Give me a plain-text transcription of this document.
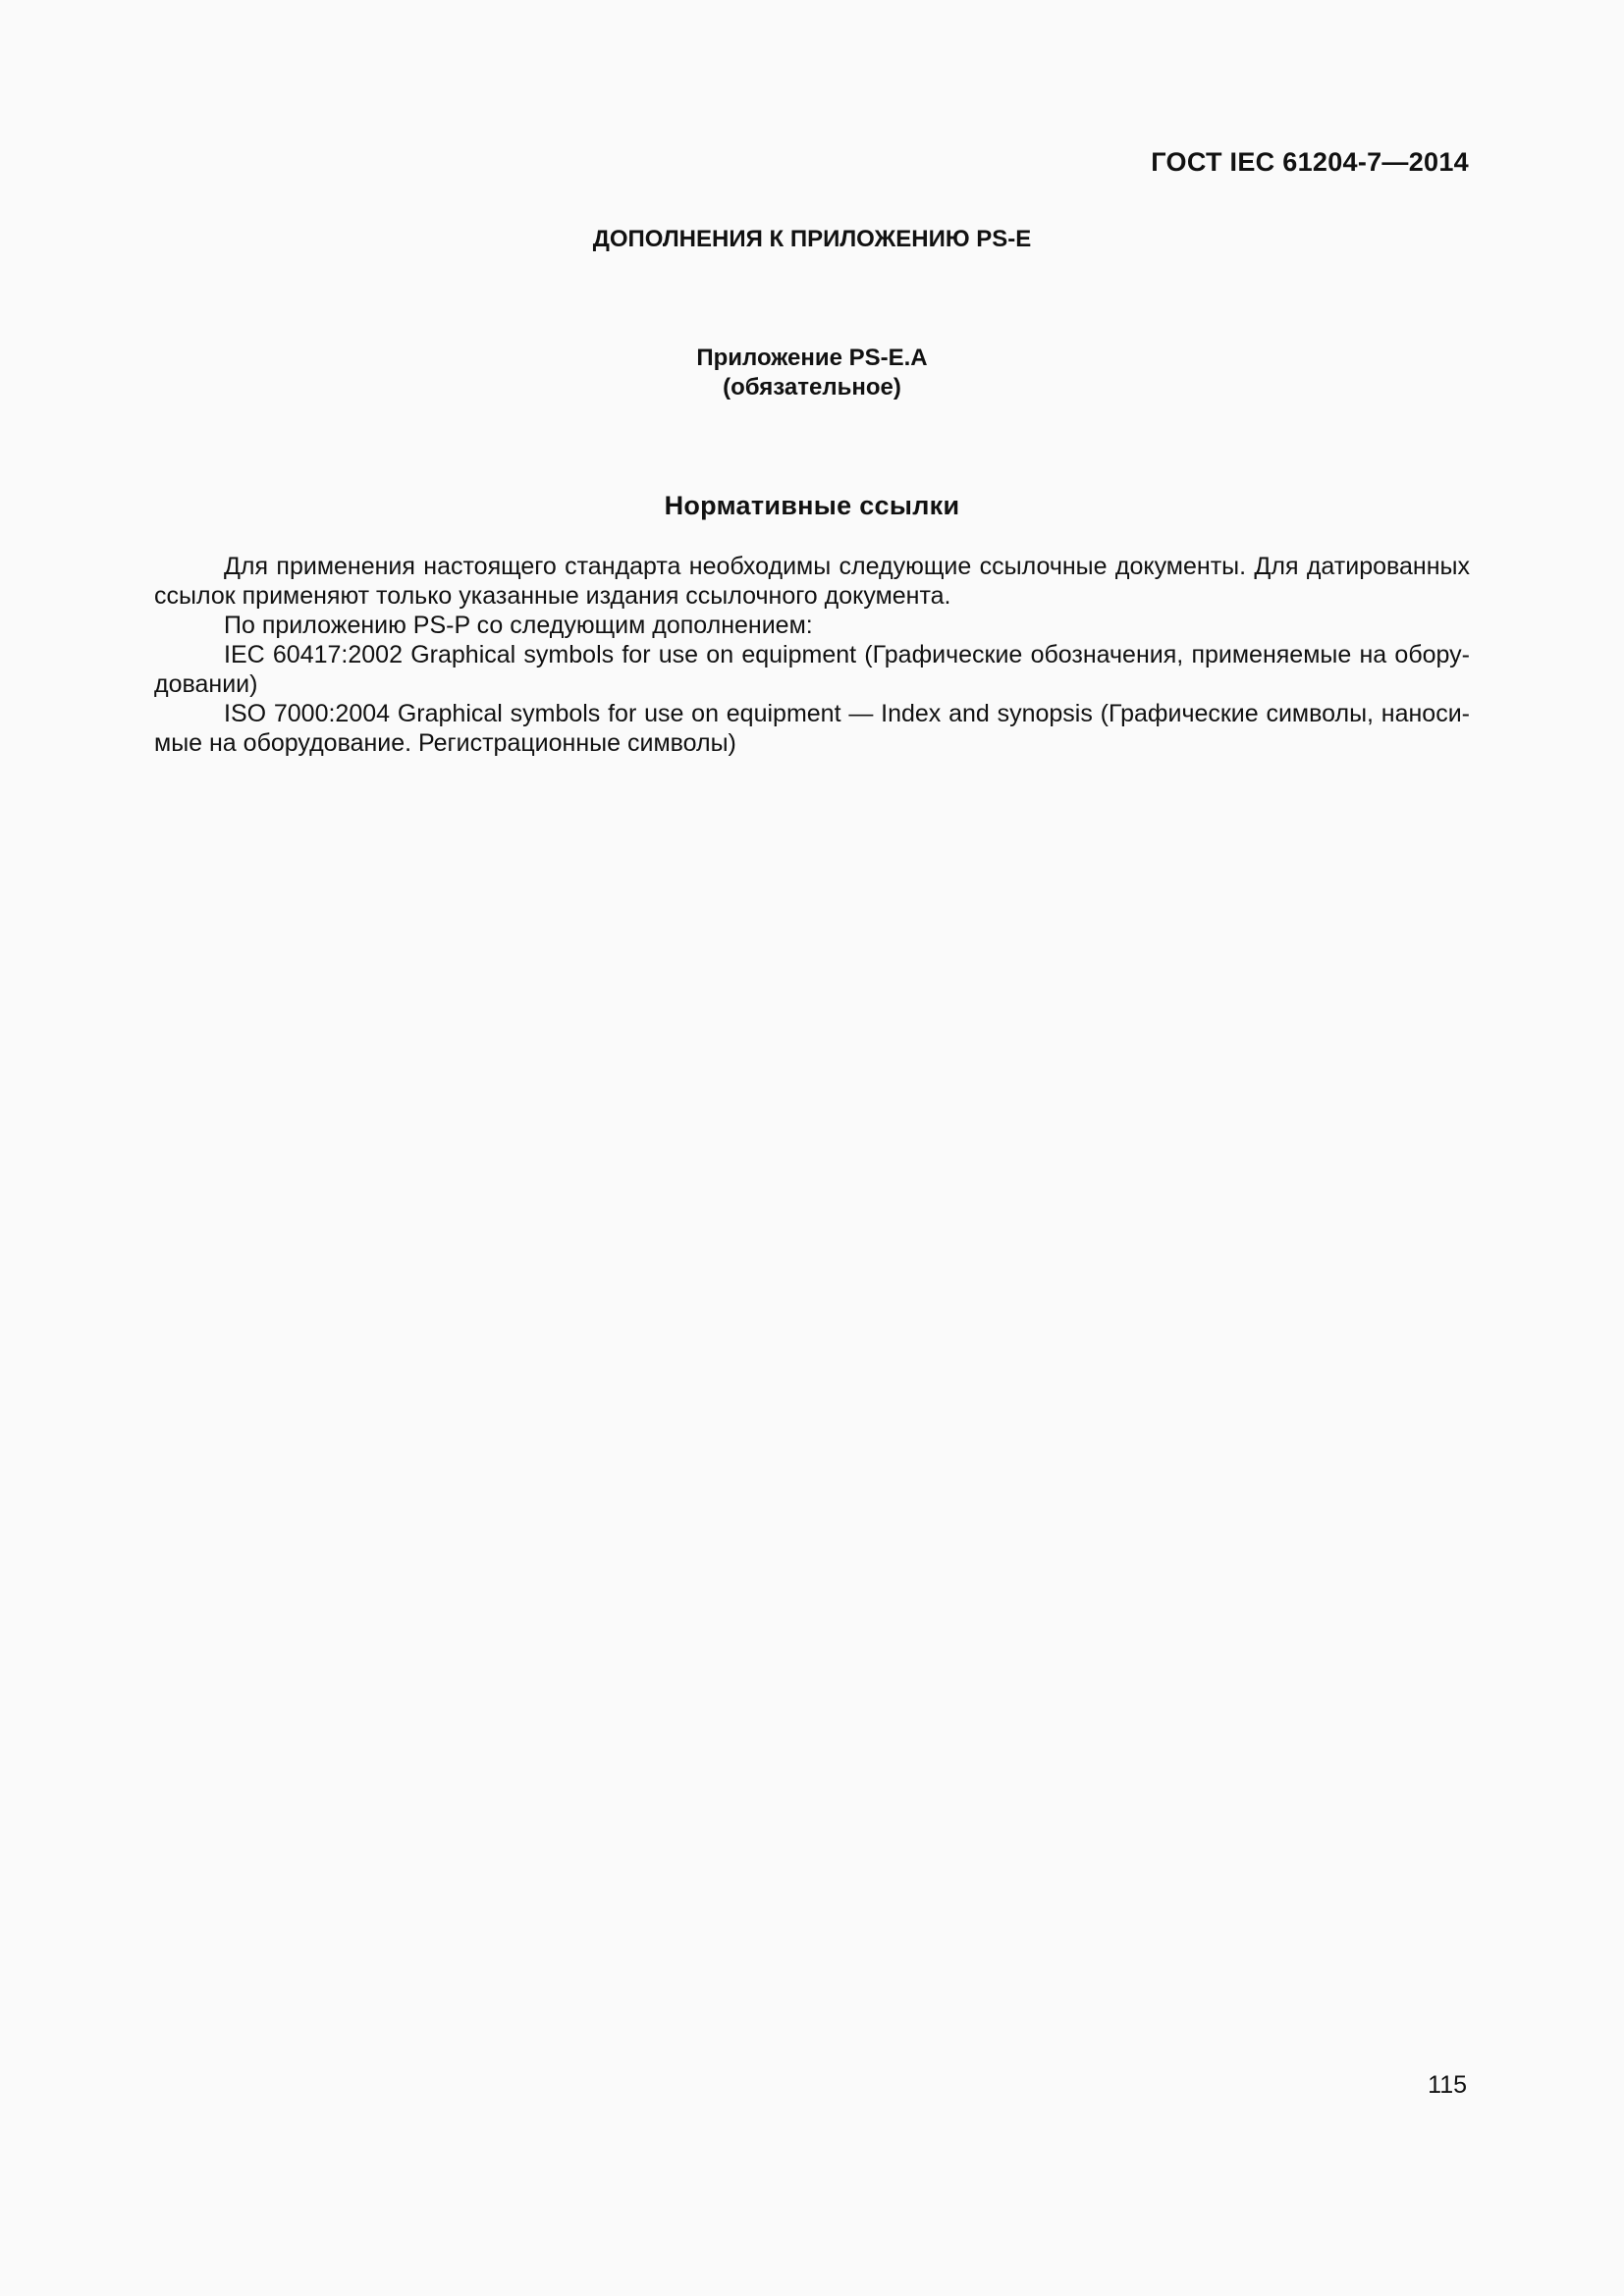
ГОСТ IEC 61204-7—2014
ДОПОЛНЕНИЯ К ПРИЛОЖЕНИЮ PS-E
Приложение PS-E.A
(обязательное)
Нормативные ссылки

Для применения настоящего стандарта необходимы следующие ссылочные документы. Для датированных ссылок применяют только указанные издания ссылочного документа.

По приложению PS-P со следующим дополнением:

IEC 60417:2002 Graphical symbols for use on equipment (Графические обозначения, применяемые на оборудовании)

ISO 7000:2004 Graphical symbols for use on equipment — Index and synopsis (Графические символы, наносимые на оборудование. Регистрационные символы)

115
